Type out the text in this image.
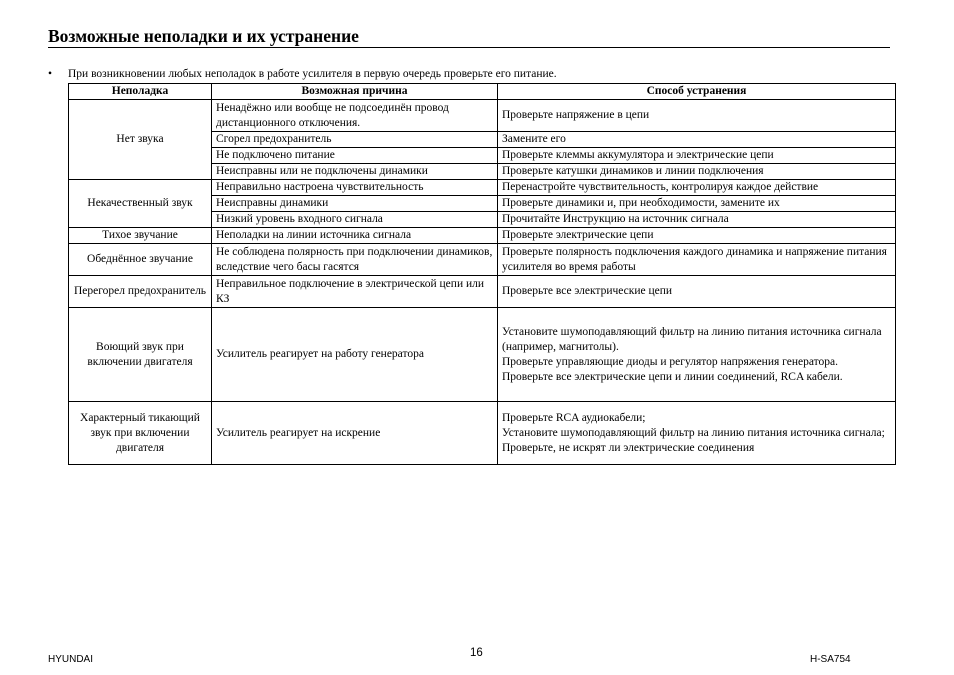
Возможные неполадки и их устранение
• При возникновении любых неполадок в работе усилителя в первую очередь проверьте его питание.
Неполадка	Возможная причина	Способ устранения
Нет звука	Ненадёжно или вообще не подсоединён провод дистанционного отключения.	Проверьте напряжение в цепи

	Сгорел предохранитель	Замените его

	Не подключено питание	Проверьте клеммы аккумулятора и электрические цепи

	Неисправны или не подключены динамики	Проверьте катушки динамиков и линии подключения

Некачественный звук	Неправильно настроена чувствительность	Перенастройте чувствительность, контролируя каждое действие

	Неисправны динамики	Проверьте динамики и, при необходимости, замените их

	Низкий уровень входного сигнала	Прочитайте Инструкцию на источник сигнала

Тихое звучание	Неполадки на линии источника сигнала	Проверьте электрические цепи

Обеднённое звучание	Не соблюдена полярность при подключении динамиков, вследствие чего басы гасятся	Проверьте полярность подключения каждого динамика и напряжение питания усилителя во время работы

Перегорел предохранитель	Неправильное подключение в электрической цепи или КЗ	Проверьте все электрические цепи

Воющий звук при включении двигателя	Усилитель реагирует на работу генератора	Установите шумоподавляющий фильтр на линию питания источника сигнала (например, магнитолы).
Проверьте управляющие диоды и регулятор напряжения генератора.
Проверьте все электрические цепи и линии соединений, RCA кабели.

Характерный тикающий звук при включении двигателя	Усилитель реагирует на искрение	Проверьте RCA аудиокабели;
Установите шумоподавляющий фильтр на линию питания источника сигнала;
Проверьте, не искрят ли электрические соединения
HYUNDAI
16
H-SA754
